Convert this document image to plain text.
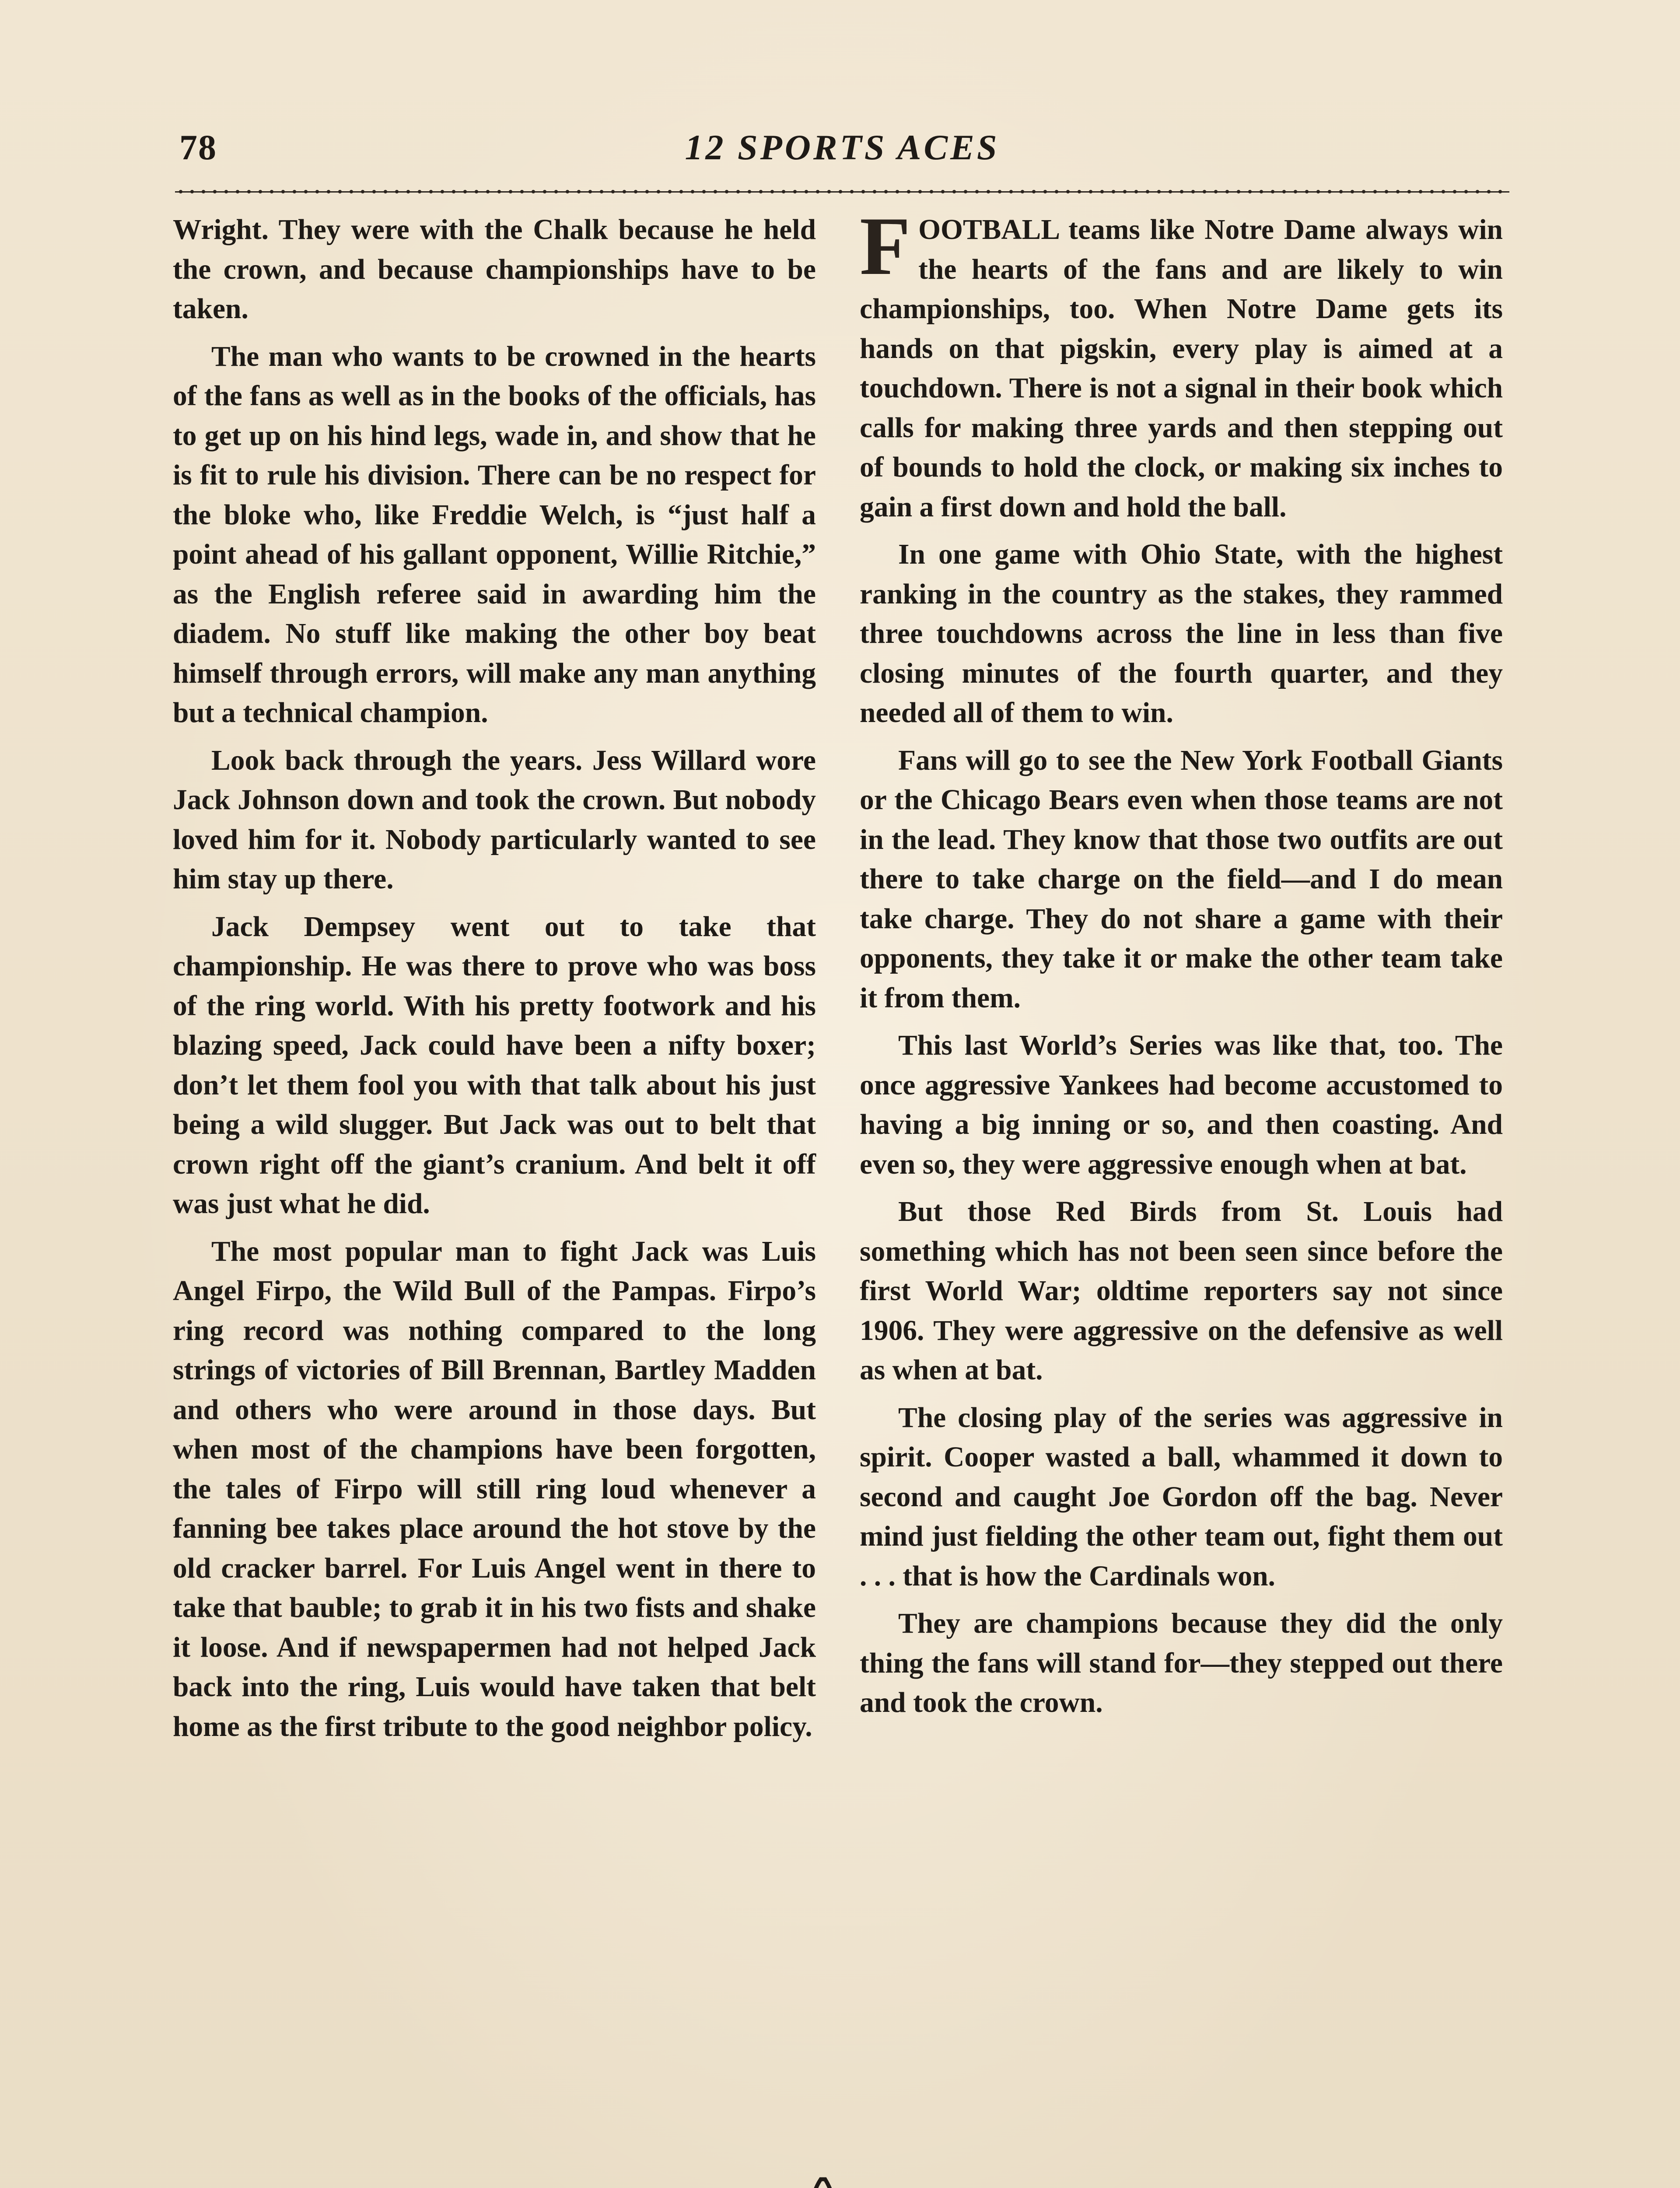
78	12 SPORTS ACES

Wright. They were with the Chalk because he held the crown, and because championships have to be taken.

The man who wants to be crowned in the hearts of the fans as well as in the books of the officials, has to get up on his hind legs, wade in, and show that he is fit to rule his division. There can be no respect for the bloke who, like Freddie Welch, is “just half a point ahead of his gallant opponent, Willie Ritchie,” as the English referee said in awarding him the diadem. No stuff like making the other boy beat himself through errors, will make any man anything but a technical champion.

Look back through the years. Jess Willard wore Jack Johnson down and took the crown. But nobody loved him for it. Nobody particularly wanted to see him stay up there.

Jack Dempsey went out to take that championship. He was there to prove who was boss of the ring world. With his pretty footwork and his blazing speed, Jack could have been a nifty boxer; don’t let them fool you with that talk about his just being a wild slugger. But Jack was out to belt that crown right off the giant’s cranium. And belt it off was just what he did.

The most popular man to fight Jack was Luis Angel Firpo, the Wild Bull of the Pampas. Firpo’s ring record was nothing compared to the long strings of victories of Bill Brennan, Bartley Madden and others who were around in those days. But when most of the champions have been forgotten, the tales of Firpo will still ring loud whenever a fanning bee takes place around the hot stove by the old cracker barrel. For Luis Angel went in there to take that bauble; to grab it in his two fists and shake it loose. And if newspapermen had not helped Jack back into the ring, Luis would have taken that belt home as the first tribute to the good neighbor policy.

FOOTBALL teams like Notre Dame always win the hearts of the fans and are likely to win championships, too. When Notre Dame gets its hands on that pigskin, every play is aimed at a touchdown. There is not a signal in their book which calls for making three yards and then stepping out of bounds to hold the clock, or making six inches to gain a first down and hold the ball.

In one game with Ohio State, with the highest ranking in the country as the stakes, they rammed three touchdowns across the line in less than five closing minutes of the fourth quarter, and they needed all of them to win.

Fans will go to see the New York Football Giants or the Chicago Bears even when those teams are not in the lead. They know that those two outfits are out there to take charge on the field—and I do mean take charge. They do not share a game with their opponents, they take it or make the other team take it from them.

This last World’s Series was like that, too. The once aggressive Yankees had become accustomed to having a big inning or so, and then coasting. And even so, they were aggressive enough when at bat.

But those Red Birds from St. Louis had something which has not been seen since before the first World War; oldtime reporters say not since 1906. They were aggressive on the defensive as well as when at bat.

The closing play of the series was aggressive in spirit. Cooper wasted a ball, whammed it down to second and caught Joe Gordon off the bag. Never mind just fielding the other team out, fight them out . . . that is how the Cardinals won.

They are champions because they did the only thing the fans will stand for—they stepped out there and took the crown.
